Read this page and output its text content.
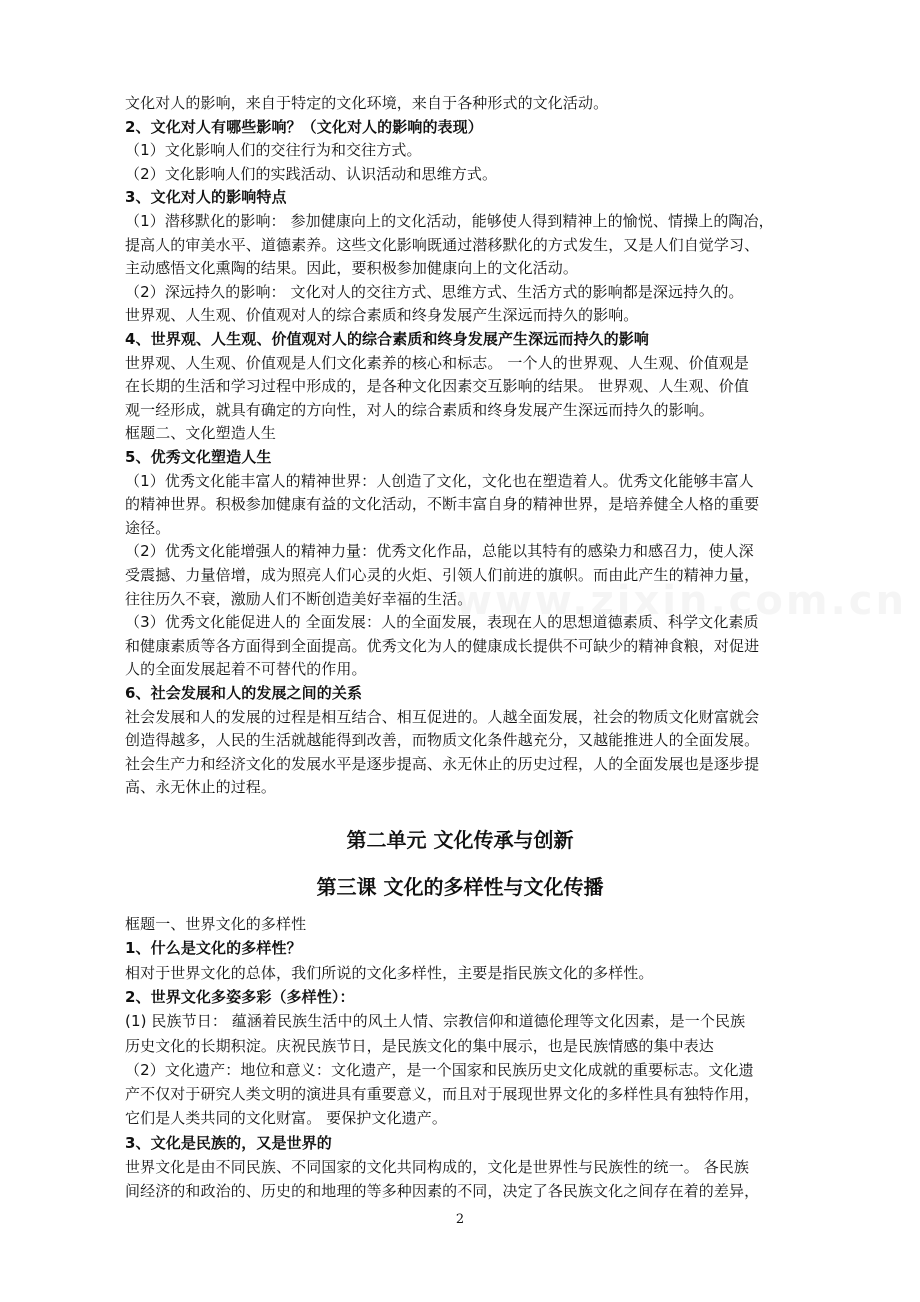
www.zixin.com.cn
文化对人的影响，来自于特定的文化环境，来自于各种形式的文化活动。
2、文化对人有哪些影响？（文化对人的影响的表现）
（1）文化影响人们的交往行为和交往方式。
（2）文化影响人们的实践活动、认识活动和思维方式。
3、文化对人的影响特点
（1）潜移默化的影响： 参加健康向上的文化活动，能够使人得到精神上的愉悦、情操上的陶冶，
提高人的审美水平、道德素养。这些文化影响既通过潜移默化的方式发生，又是人们自觉学习、
主动感悟文化熏陶的结果。因此，要积极参加健康向上的文化活动。
（2）深远持久的影响： 文化对人的交往方式、思维方式、生活方式的影响都是深远持久的。
世界观、人生观、价值观对人的综合素质和终身发展产生深远而持久的影响。
4、世界观、人生观、价值观对人的综合素质和终身发展产生深远而持久的影响
世界观、人生观、价值观是人们文化素养的核心和标志。 一个人的世界观、人生观、价值观是
在长期的生活和学习过程中形成的，是各种文化因素交互影响的结果。 世界观、人生观、价值
观一经形成，就具有确定的方向性，对人的综合素质和终身发展产生深远而持久的影响。
框题二、文化塑造人生
5、优秀文化塑造人生
（1）优秀文化能丰富人的精神世界：人创造了文化，文化也在塑造着人。优秀文化能够丰富人
的精神世界。积极参加健康有益的文化活动，不断丰富自身的精神世界，是培养健全人格的重要
途径。
（2）优秀文化能增强人的精神力量：优秀文化作品，总能以其特有的感染力和感召力，使人深
受震撼、力量倍增，成为照亮人们心灵的火炬、引领人们前进的旗帜。而由此产生的精神力量，
往往历久不衰，激励人们不断创造美好幸福的生活。
（3）优秀文化能促进人的 全面发展：人的全面发展，表现在人的思想道德素质、科学文化素质
和健康素质等各方面得到全面提高。优秀文化为人的健康成长提供不可缺少的精神食粮，对促进
人的全面发展起着不可替代的作用。
6、社会发展和人的发展之间的关系
社会发展和人的发展的过程是相互结合、相互促进的。人越全面发展，社会的物质文化财富就会
创造得越多，人民的生活就越能得到改善，而物质文化条件越充分，又越能推进人的全面发展。
社会生产力和经济文化的发展水平是逐步提高、永无休止的历史过程，人的全面发展也是逐步提
高、永无休止的过程。
第二单元 文化传承与创新
第三课 文化的多样性与文化传播
框题一、世界文化的多样性
1、什么是文化的多样性？
相对于世界文化的总体，我们所说的文化多样性，主要是指民族文化的多样性。
2、世界文化多姿多彩（多样性）：
(1) 民族节日： 蕴涵着民族生活中的风土人情、宗教信仰和道德伦理等文化因素，是一个民族
历史文化的长期积淀。庆祝民族节日，是民族文化的集中展示，也是民族情感的集中表达
（2）文化遗产：地位和意义：文化遗产，是一个国家和民族历史文化成就的重要标志。文化遗
产不仅对于研究人类文明的演进具有重要意义，而且对于展现世界文化的多样性具有独特作用，
它们是人类共同的文化财富。 要保护文化遗产。
3、文化是民族的，又是世界的
世界文化是由不同民族、不同国家的文化共同构成的，文化是世界性与民族性的统一。 各民族
间经济的和政治的、历史的和地理的等多种因素的不同，决定了各民族文化之间存在着的差异，
2
